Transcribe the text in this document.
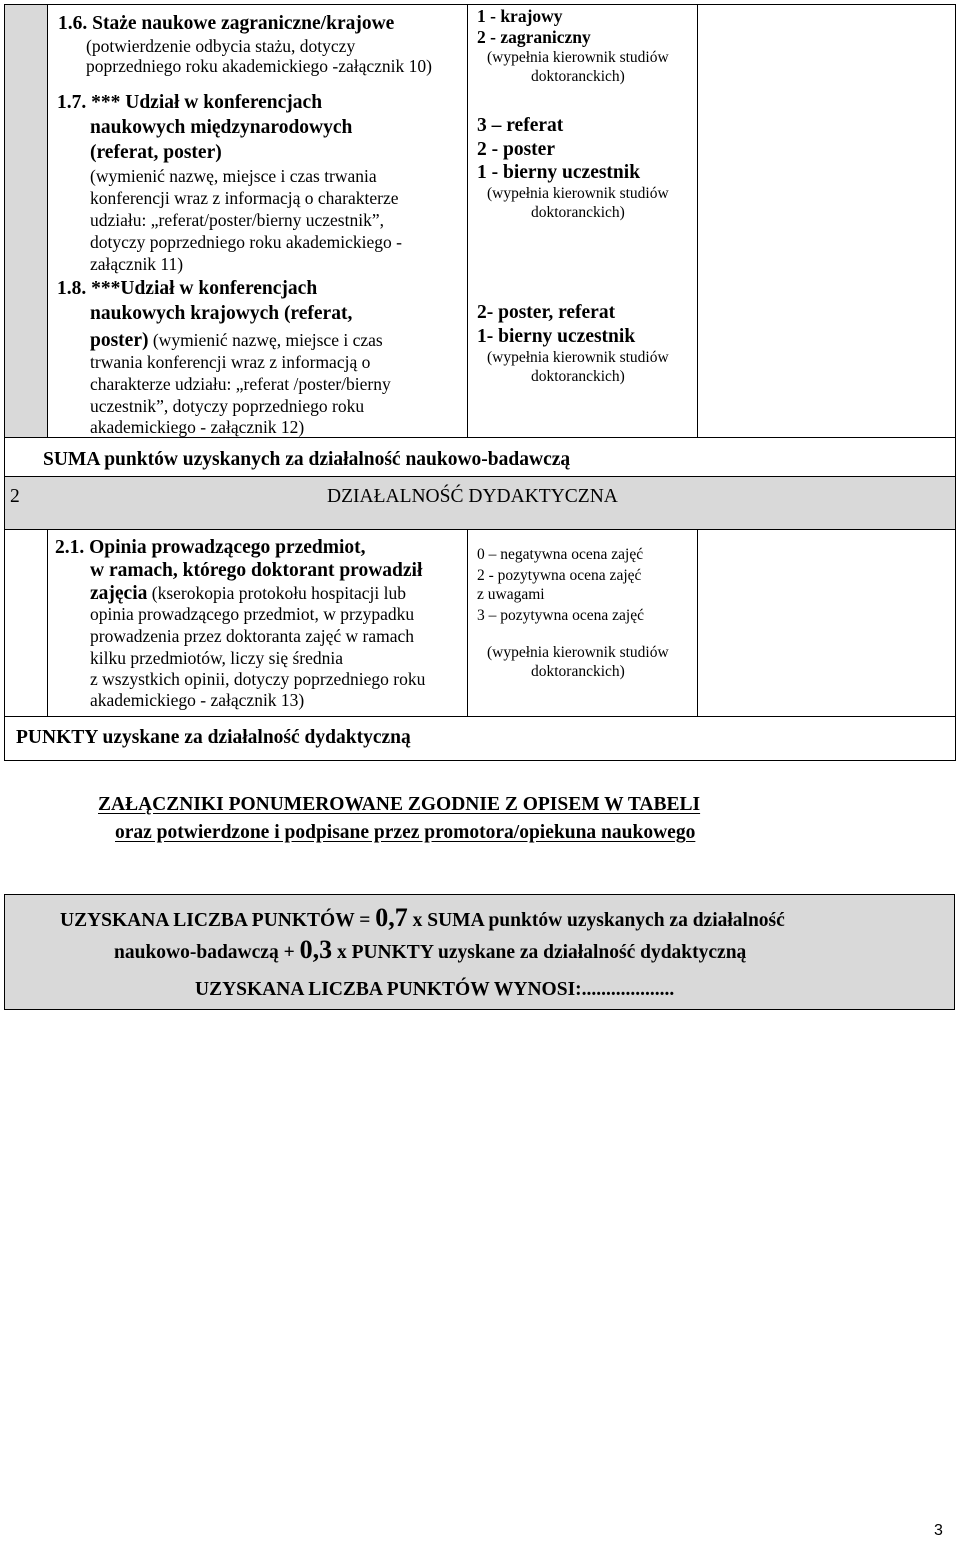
1.6. Staże naukowe zagraniczne/krajowe
(potwierdzenie odbycia stażu, dotyczy
poprzedniego roku akademickiego -załącznik 10)
1 - krajowy
2 - zagraniczny
(wypełnia kierownik studiów
doktoranckich)
1.7. *** Udział w konferencjach
naukowych międzynarodowych
(referat, poster)
(wymienić nazwę, miejsce i czas trwania
konferencji wraz z informacją o charakterze
udziału: „referat/poster/bierny uczestnik”,
dotyczy poprzedniego roku akademickiego -
załącznik 11)
3 – referat
2 - poster
1 - bierny uczestnik
(wypełnia kierownik studiów
doktoranckich)
1.8. ***Udział w konferencjach
naukowych krajowych (referat,
poster) (wymienić nazwę, miejsce i czas
trwania konferencji wraz z informacją o
charakterze udziału: „referat /poster/bierny
uczestnik”, dotyczy poprzedniego roku
akademickiego - załącznik 12)
2- poster, referat
1- bierny uczestnik
(wypełnia kierownik studiów
doktoranckich)
SUMA punktów uzyskanych za działalność naukowo-badawczą
2	DZIAŁALNOŚĆ DYDAKTYCZNA
2.1. Opinia prowadzącego przedmiot,
w ramach, którego doktorant prowadził
zajęcia (kserokopia protokołu hospitacji lub
opinia prowadzącego przedmiot, w przypadku
prowadzenia przez doktoranta zajęć w ramach
kilku przedmiotów, liczy się średnia
z wszystkich opinii, dotyczy poprzedniego roku
akademickiego - załącznik 13)
0 – negatywna ocena zajęć
2 - pozytywna ocena zajęć
z uwagami
3 – pozytywna ocena zajęć
(wypełnia kierownik studiów
doktoranckich)
PUNKTY uzyskane za działalność dydaktyczną
ZAŁĄCZNIKI PONUMEROWANE ZGODNIE Z OPISEM W TABELI
oraz potwierdzone i podpisane przez promotora/opiekuna naukowego
UZYSKANA LICZBA PUNKTÓW = 0,7 x SUMA punktów uzyskanych za działalność
naukowo-badawczą + 0,3 x PUNKTY uzyskane za działalność dydaktyczną
UZYSKANA LICZBA PUNKTÓW WYNOSI:...................
3
